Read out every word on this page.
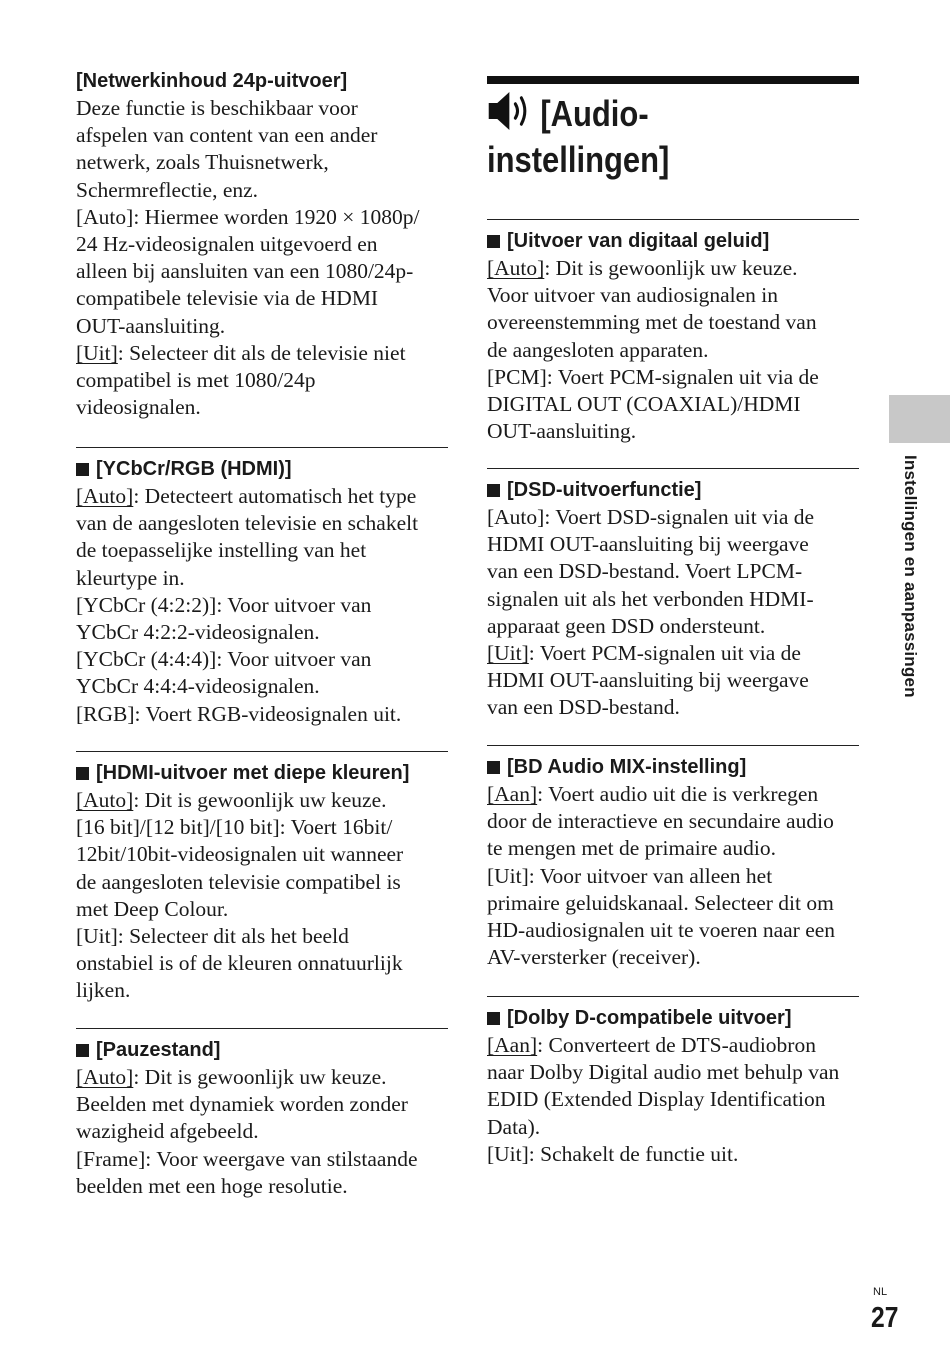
[Netwerkinhoud 24p-uitvoer]

Deze functie is beschikbaar voor

afspelen van content van een ander

netwerk, zoals Thuisnetwerk,

Schermreflectie, enz.

[Auto]: Hiermee worden 1920 × 1080p/

24 Hz-videosignalen uitgevoerd en

alleen bij aansluiten van een 1080/24p-

compatibele televisie via de HDMI

OUT-aansluiting.

[Uit]: Selecteer dit als de televisie niet

compatibel is met 1080/24p

videosignalen.

[YCbCr/RGB (HDMI)]

[Auto]: Detecteert automatisch het type

van de aangesloten televisie en schakelt

de toepasselijke instelling van het

kleurtype in.

[YCbCr (4:2:2)]: Voor uitvoer van

YCbCr 4:2:2-videosignalen.

[YCbCr (4:4:4)]: Voor uitvoer van

YCbCr 4:4:4-videosignalen.

[RGB]: Voert RGB-videosignalen uit.

[HDMI-uitvoer met diepe kleuren]

[Auto]: Dit is gewoonlijk uw keuze.

[16 bit]/[12 bit]/[10 bit]: Voert 16bit/

12bit/10bit-videosignalen uit wanneer

de aangesloten televisie compatibel is

met Deep Colour.

[Uit]: Selecteer dit als het beeld

onstabiel is of de kleuren onnatuurlijk

lijken.

[Pauzestand]

[Auto]: Dit is gewoonlijk uw keuze.

Beelden met dynamiek worden zonder

wazigheid afgebeeld.

[Frame]: Voor weergave van stilstaande

beelden met een hoge resolutie.

[Audio-
instellingen]

[Uitvoer van digitaal geluid]

[Auto]: Dit is gewoonlijk uw keuze.

Voor uitvoer van audiosignalen in

overeenstemming met de toestand van

de aangesloten apparaten.

[PCM]: Voert PCM-signalen uit via de

DIGITAL OUT (COAXIAL)/HDMI

OUT-aansluiting.

[DSD-uitvoerfunctie]

[Auto]: Voert DSD-signalen uit via de

HDMI OUT-aansluiting bij weergave

van een DSD-bestand. Voert LPCM-

signalen uit als het verbonden HDMI-

apparaat geen DSD ondersteunt.

[Uit]: Voert PCM-signalen uit via de

HDMI OUT-aansluiting bij weergave

van een DSD-bestand.

[BD Audio MIX-instelling]

[Aan]: Voert audio uit die is verkregen

door de interactieve en secundaire audio

te mengen met de primaire audio.

[Uit]: Voor uitvoer van alleen het

primaire geluidskanaal. Selecteer dit om

HD-audiosignalen uit te voeren naar een

AV-versterker (receiver).

[Dolby D-compatibele uitvoer]

[Aan]: Converteert de DTS-audiobron

naar Dolby Digital audio met behulp van

EDID (Extended Display Identification

Data).

[Uit]: Schakelt de functie uit.

Instellingen en aanpassingen
NL
27
